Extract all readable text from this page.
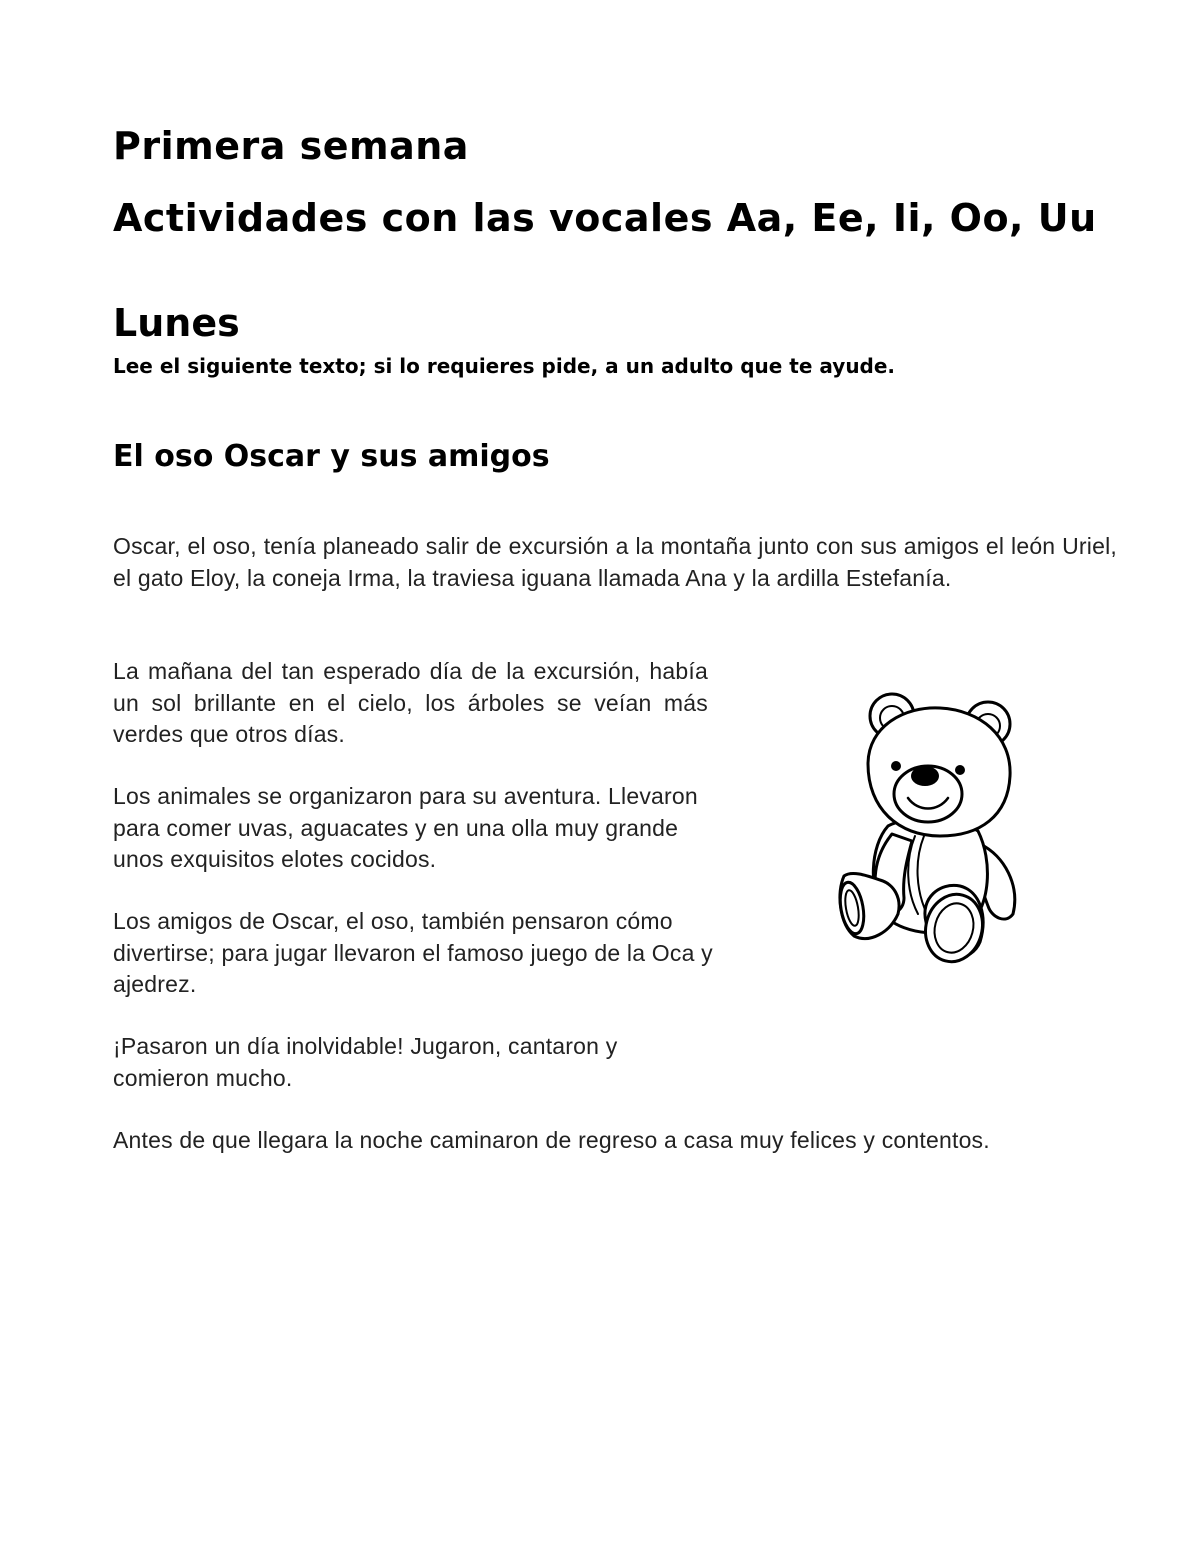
Primera semana
Actividades con las vocales Aa, Ee, Ii, Oo, Uu
Lunes

Lee el siguiente texto; si lo requieres pide, a un adulto que te ayude.

El oso Oscar y sus amigos

Oscar, el oso, tenía planeado salir de excursión a la montaña junto con sus amigos el león Uriel, el gato Eloy, la coneja Irma, la traviesa iguana llamada Ana y la ardilla Estefanía.

La mañana del tan esperado día de la excursión, había un sol brillante en el cielo, los árboles se veían más verdes que otros días.

Los animales se organizaron para su aventura. Llevaron para comer uvas, aguacates y en una olla muy grande unos exquisitos elotes cocidos.

Los amigos de Oscar, el oso, también pensaron cómo divertirse; para jugar llevaron el famoso juego de la Oca y ajedrez.

¡Pasaron un día inolvidable! Jugaron, cantaron y comieron mucho.

Antes de que llegara la noche caminaron de regreso a casa muy felices y contentos.
